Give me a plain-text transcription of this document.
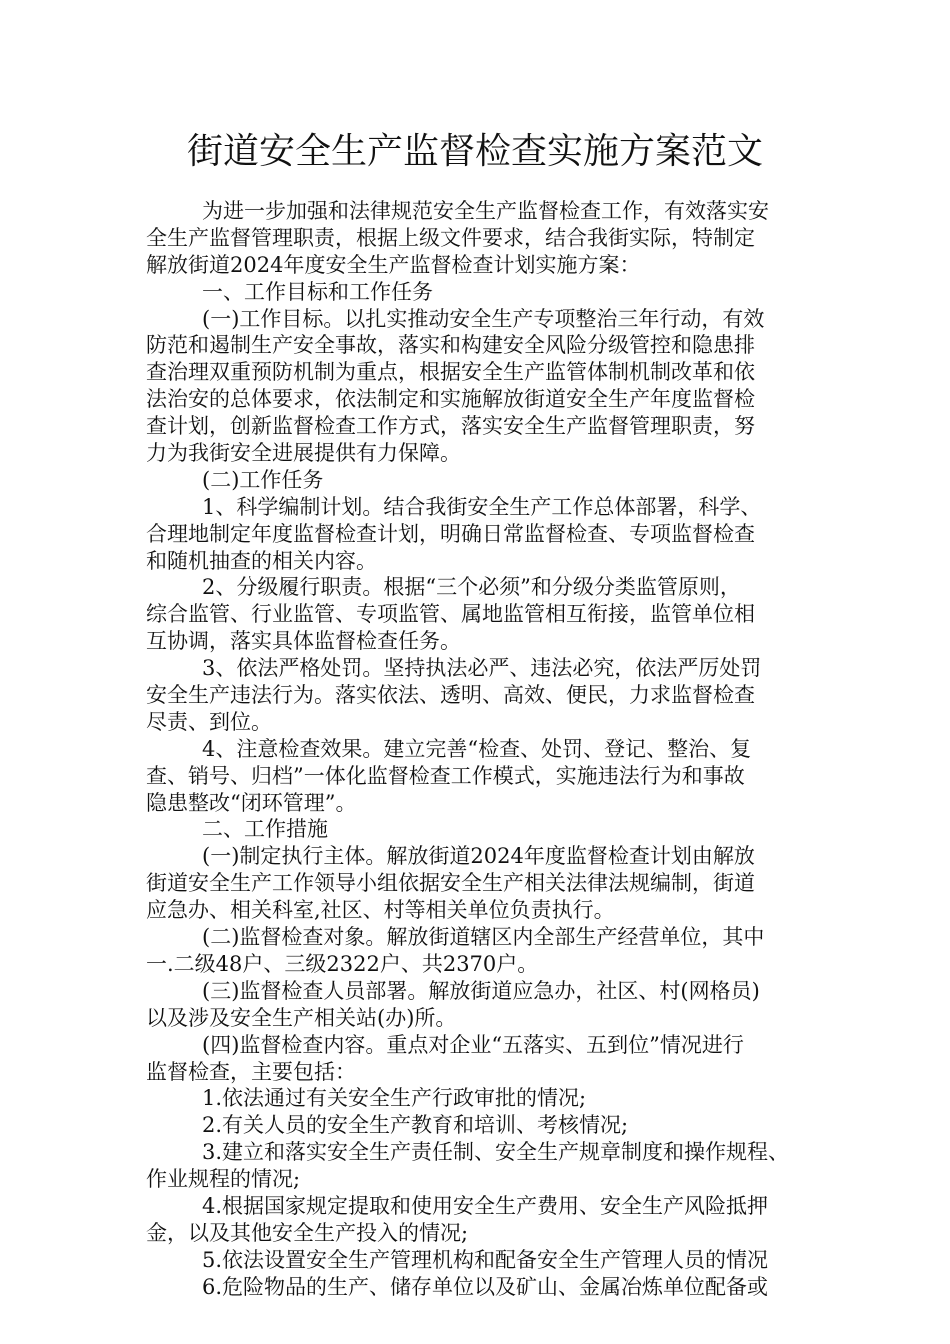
街道安全生产监督检查实施方案范文
为进一步加强和法律规范安全生产监督检查工作，有效落实安
全生产监督管理职责，根据上级文件要求，结合我街实际，特制定
解放街道2024年度安全生产监督检查计划实施方案：
一、工作目标和工作任务
(一)工作目标。以扎实推动安全生产专项整治三年行动，有效
防范和遏制生产安全事故，落实和构建安全风险分级管控和隐患排
查治理双重预防机制为重点，根据安全生产监管体制机制改革和依
法治安的总体要求，依法制定和实施解放街道安全生产年度监督检
查计划，创新监督检查工作方式，落实安全生产监督管理职责，努
力为我街安全进展提供有力保障。
(二)工作任务
1、科学编制计划。结合我街安全生产工作总体部署，科学、
合理地制定年度监督检查计划，明确日常监督检查、专项监督检查
和随机抽查的相关内容。
2、分级履行职责。根据“三个必须”和分级分类监管原则，
综合监管、行业监管、专项监管、属地监管相互衔接，监管单位相
互协调，落实具体监督检查任务。
3、依法严格处罚。坚持执法必严、违法必究，依法严厉处罚
安全生产违法行为。落实依法、透明、高效、便民，力求监督检查
尽责、到位。
4、注意检查效果。建立完善“检查、处罚、登记、整治、复
查、销号、归档”一体化监督检查工作模式，实施违法行为和事故
隐患整改“闭环管理”。
二、工作措施
(一)制定执行主体。解放街道2024年度监督检查计划由解放
街道安全生产工作领导小组依据安全生产相关法律法规编制，街道
应急办、相关科室,社区、村等相关单位负责执行。
(二)监督检查对象。解放街道辖区内全部生产经营单位，其中
一.二级48户、三级2322户、共2370户。
(三)监督检查人员部署。解放街道应急办，社区、村(网格员)
以及涉及安全生产相关站(办)所。
(四)监督检查内容。重点对企业“五落实、五到位”情况进行
监督检查，主要包括：
1.依法通过有关安全生产行政审批的情况;
2.有关人员的安全生产教育和培训、考核情况;
3.建立和落实安全生产责任制、安全生产规章制度和操作规程、
作业规程的情况;
4.根据国家规定提取和使用安全生产费用、安全生产风险抵押
金，以及其他安全生产投入的情况;
5.依法设置安全生产管理机构和配备安全生产管理人员的情况
6.危险物品的生产、储存单位以及矿山、金属冶炼单位配备或
